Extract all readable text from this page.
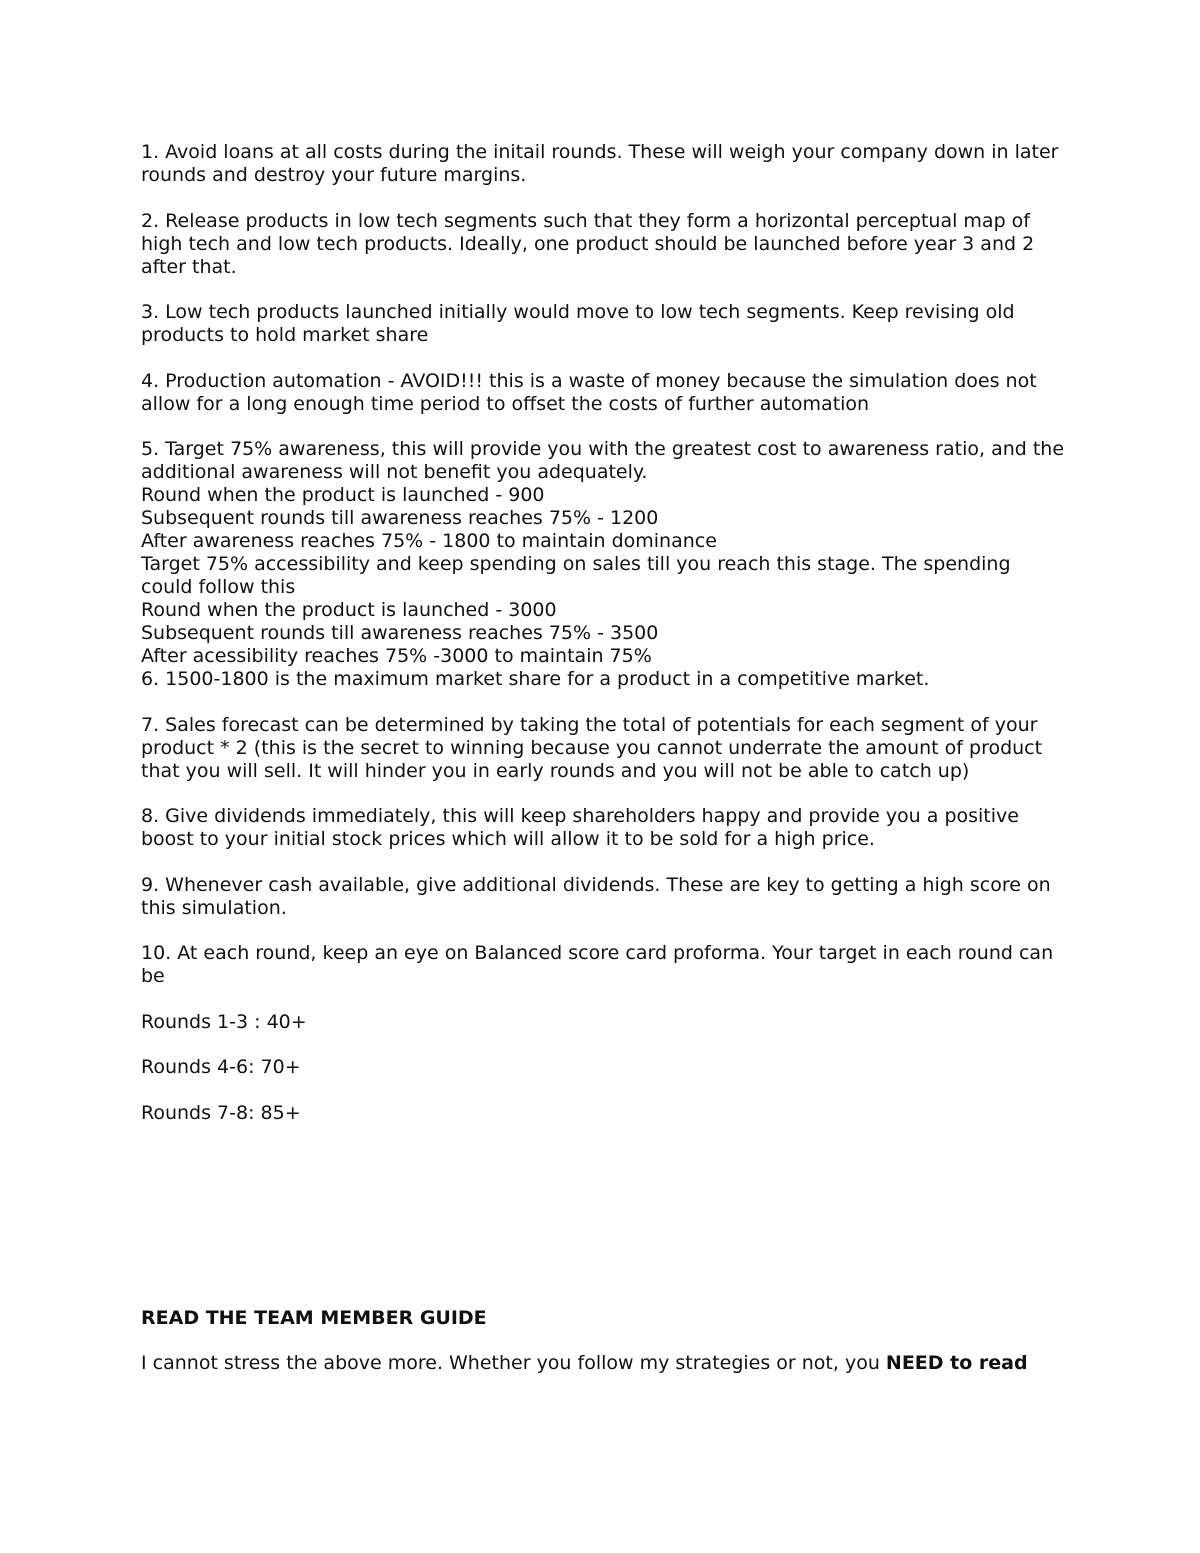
1. Avoid loans at all costs during the initail rounds. These will weigh your company down in later rounds and destroy your future margins.

2. Release products in low tech segments such that they form a horizontal perceptual map of high tech and low tech products. Ideally, one product should be launched before year 3 and 2 after that.

3. Low tech products launched initially would move to low tech segments. Keep revising old products to hold market share

4. Production automation - AVOID!!! this is a waste of money because the simulation does not allow for a long enough time period to offset the costs of further automation

5. Target 75% awareness, this will provide you with the greatest cost to awareness ratio, and the additional awareness will not benefit you adequately.

Round when the product is launched - 900

Subsequent rounds till awareness reaches 75% - 1200

After awareness reaches 75% - 1800 to maintain dominance

Target 75% accessibility and keep spending on sales till you reach this stage. The spending could follow this

Round when the product is launched - 3000

Subsequent rounds till awareness reaches 75% - 3500

After acessibility reaches 75% -3000 to maintain 75%

6. 1500-1800 is the maximum market share for a product in a competitive market.

7. Sales forecast can be determined by taking the total of potentials for each segment of your product * 2 (this is the secret to winning because you cannot underrate the amount of product that you will sell. It will hinder you in early rounds and you will not be able to catch up)

8. Give dividends immediately, this will keep shareholders happy and provide you a positive boost to your initial stock prices which will allow it to be sold for a high price.

9. Whenever cash available, give additional dividends. These are key to getting a high score on this simulation.

10. At each round, keep an eye on Balanced score card proforma. Your target in each round can be

Rounds 1-3 : 40+

Rounds 4-6: 70+

Rounds 7-8: 85+

READ THE TEAM MEMBER GUIDE

I cannot stress the above more. Whether you follow my strategies or not, you NEED to read
